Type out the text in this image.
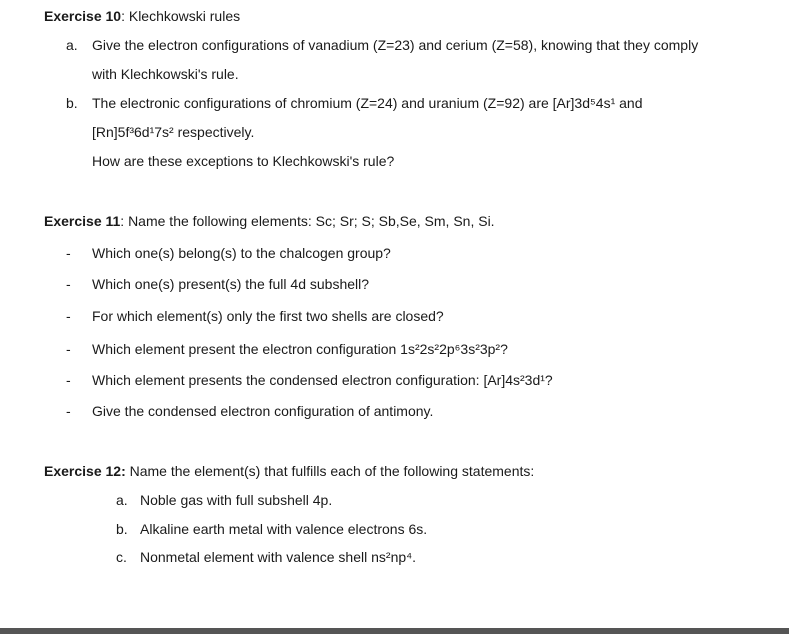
Exercise 10: Klechkowski rules
a. Give the electron configurations of vanadium (Z=23) and cerium (Z=58), knowing that they comply
with Klechkowski's rule.
b. The electronic configurations of chromium (Z=24) and uranium (Z=92) are [Ar]3d⁵4s¹ and
[Rn]5f³6d¹7s² respectively.
How are these exceptions to Klechkowski's rule?
Exercise 11: Name the following elements: Sc; Sr; S; Sb,Se, Sm, Sn, Si.
- Which one(s) belong(s) to the chalcogen group?
- Which one(s) present(s) the full 4d subshell?
- For which element(s) only the first two shells are closed?
- Which element present the electron configuration 1s²2s²2p⁶3s²3p²?
- Which element presents the condensed electron configuration: [Ar]4s²3d¹?
- Give the condensed electron configuration of antimony.
Exercise 12: Name the element(s) that fulfills each of the following statements:
a. Noble gas with full subshell 4p.
b. Alkaline earth metal with valence electrons 6s.
c. Nonmetal element with valence shell ns²np⁴.
